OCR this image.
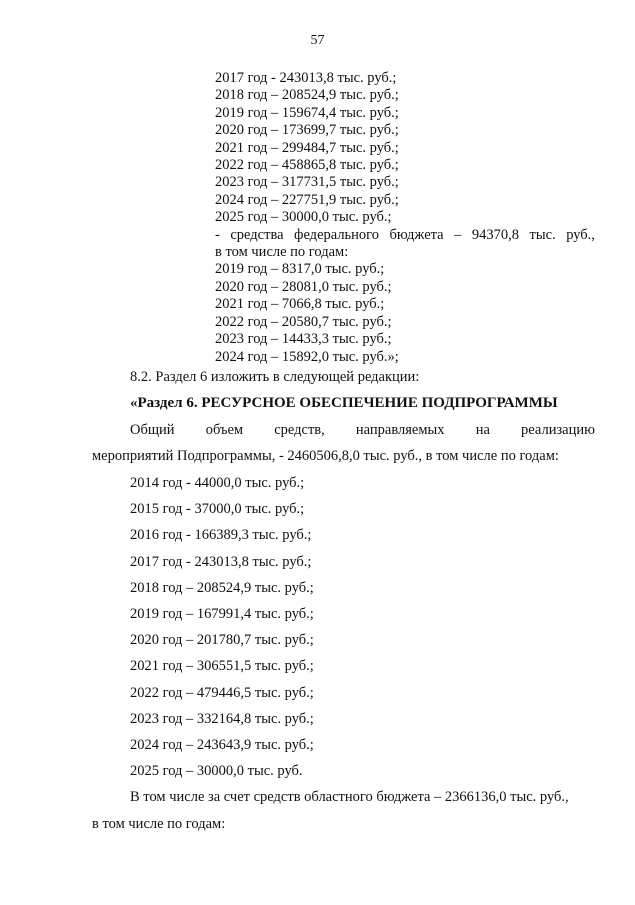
57
2017 год - 243013,8 тыс. руб.;
2018 год – 208524,9 тыс. руб.;
2019 год – 159674,4 тыс. руб.;
2020 год – 173699,7 тыс. руб.;
2021 год – 299484,7 тыс. руб.;
2022 год – 458865,8 тыс. руб.;
2023 год – 317731,5 тыс. руб.;
2024 год – 227751,9 тыс. руб.;
2025 год – 30000,0 тыс. руб.;
- средства федерального бюджета – 94370,8 тыс. руб.,
в том числе по годам:
2019 год – 8317,0 тыс. руб.;
2020 год – 28081,0 тыс. руб.;
2021 год – 7066,8 тыс. руб.;
2022 год – 20580,7 тыс. руб.;
2023 год – 14433,3 тыс. руб.;
2024 год – 15892,0 тыс. руб.»;
8.2. Раздел 6 изложить в следующей редакции:
«Раздел 6. РЕСУРСНОЕ ОБЕСПЕЧЕНИЕ ПОДПРОГРАММЫ
Общий объем средств, направляемых на реализацию
мероприятий Подпрограммы, - 2460506,8,0 тыс. руб., в том числе по годам:
2014 год - 44000,0 тыс. руб.;
2015 год - 37000,0 тыс. руб.;
2016 год - 166389,3 тыс. руб.;
2017 год - 243013,8 тыс. руб.;
2018 год – 208524,9 тыс. руб.;
2019 год – 167991,4 тыс. руб.;
2020 год – 201780,7 тыс. руб.;
2021 год – 306551,5 тыс. руб.;
2022 год – 479446,5 тыс. руб.;
2023 год – 332164,8 тыс. руб.;
2024 год – 243643,9 тыс. руб.;
2025 год – 30000,0 тыс. руб.
В том числе за счет средств областного бюджета – 2366136,0 тыс. руб.,
в том числе по годам:
